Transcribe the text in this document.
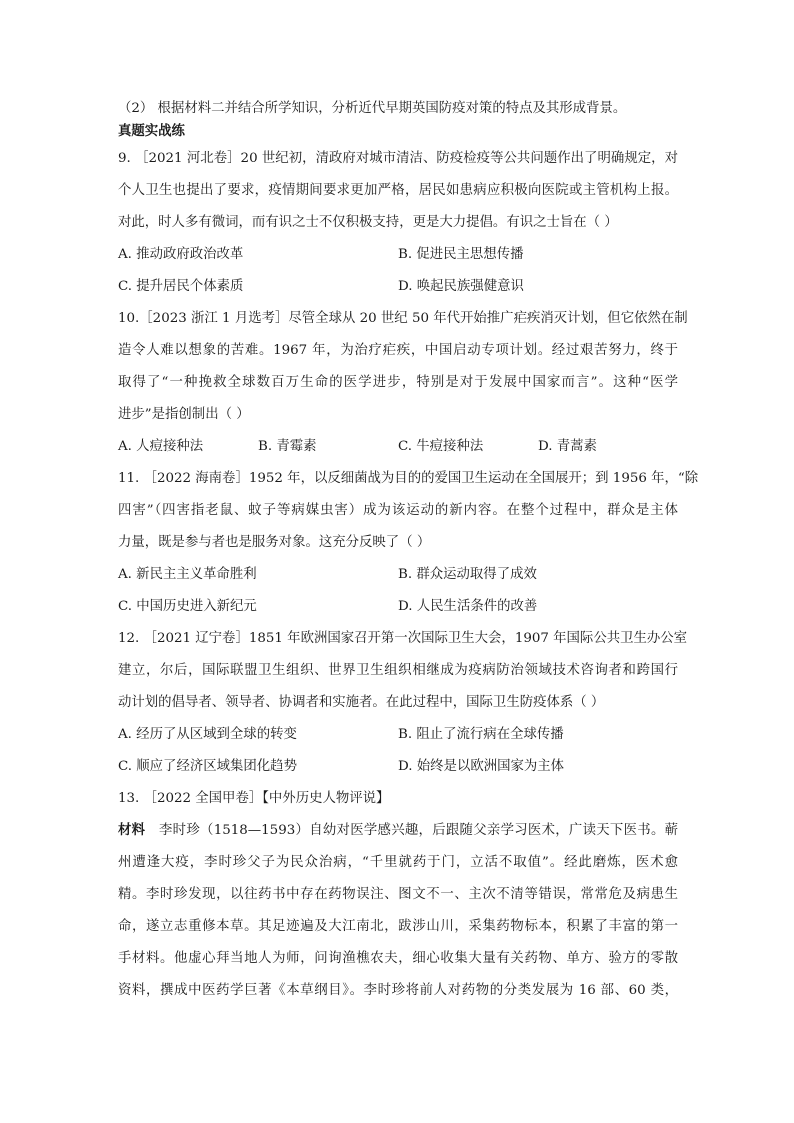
（2） 根据材料二并结合所学知识，分析近代早期英国防疫对策的特点及其形成背景。
真题实战练
9. ［2021 河北卷］20 世纪初，清政府对城市清洁、防疫检疫等公共问题作出了明确规定，对
个人卫生也提出了要求，疫情期间要求更加严格，居民如患病应积极向医院或主管机构上报。
对此，时人多有微词，而有识之士不仅积极支持，更是大力提倡。有识之士旨在（ ）
A. 推动政府政治改革	B. 促进民主思想传播
C. 提升居民个体素质	D. 唤起民族强健意识
10.［2023 浙江 1 月选考］尽管全球从 20 世纪 50 年代开始推广疟疾消灭计划，但它依然在制
造令人难以想象的苦难。1967 年，为治疗疟疾，中国启动专项计划。经过艰苦努力，终于
取得了“一种挽救全球数百万生命的医学进步，特别是对于发展中国家而言”。这种“医学
进步”是指创制出（ ）
A. 人痘接种法	B. 青霉素	C. 牛痘接种法	D. 青蒿素
11. ［2022 海南卷］1952 年，以反细菌战为目的的爱国卫生运动在全国展开；到 1956 年，“除
四害”（四害指老鼠、蚊子等病媒虫害）成为该运动的新内容。在整个过程中，群众是主体
力量，既是参与者也是服务对象。这充分反映了（ ）
A. 新民主主义革命胜利	B. 群众运动取得了成效
C. 中国历史进入新纪元	D. 人民生活条件的改善
12. ［2021 辽宁卷］1851 年欧洲国家召开第一次国际卫生大会，1907 年国际公共卫生办公室
建立，尔后，国际联盟卫生组织、世界卫生组织相继成为疫病防治领域技术咨询者和跨国行
动计划的倡导者、领导者、协调者和实施者。在此过程中，国际卫生防疫体系（ ）
A. 经历了从区域到全球的转变	B. 阻止了流行病在全球传播
C. 顺应了经济区域集团化趋势	D. 始终是以欧洲国家为主体
13. ［2022 全国甲卷］【中外历史人物评说】
材料　李时珍（1518—1593）自幼对医学感兴趣，后跟随父亲学习医术，广读天下医书。蕲
州遭逢大疫，李时珍父子为民众治病，“千里就药于门，立活不取值”。经此磨炼，医术愈
精。李时珍发现，以往药书中存在药物误注、图文不一、主次不清等错误，常常危及病患生
命，遂立志重修本草。其足迹遍及大江南北，跋涉山川，采集药物标本，积累了丰富的第一
手材料。他虚心拜当地人为师，问询渔樵农夫，细心收集大量有关药物、单方、验方的零散
资料，撰成中医药学巨著《本草纲目》。李时珍将前人对药物的分类发展为 16 部、60 类，
